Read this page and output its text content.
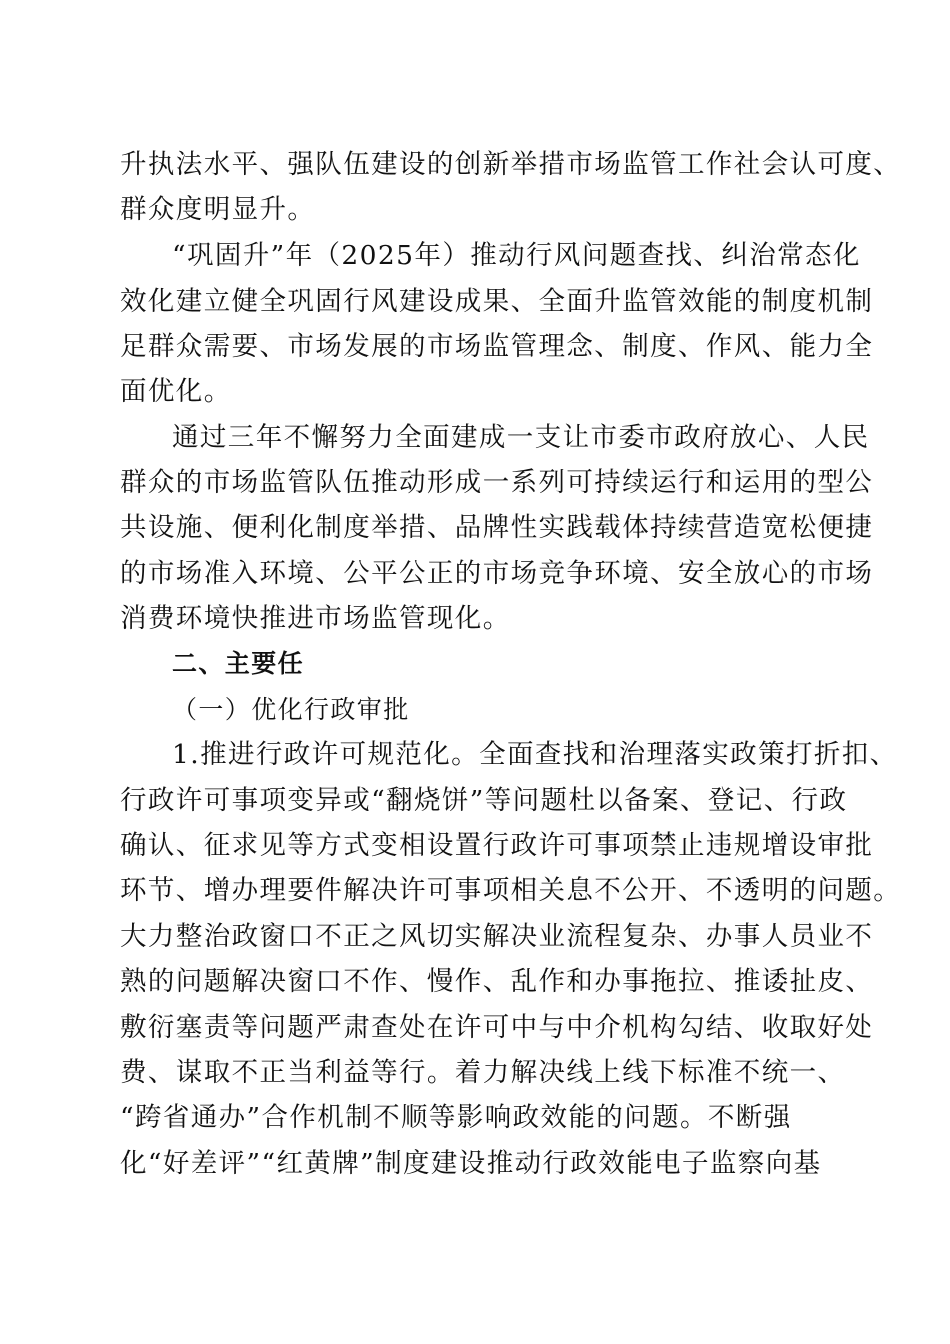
升执法水平、强队伍建设的创新举措市场监管工作社会认可度、
群众度明显升。
“巩固升”年（2025年）推动行风问题查找、纠治常态化
效化建立健全巩固行风建设成果、全面升监管效能的制度机制
足群众需要、市场发展的市场监管理念、制度、作风、能力全
面优化。
通过三年不懈努力全面建成一支让市委市政府放心、人民
群众的市场监管队伍推动形成一系列可持续运行和运用的型公
共设施、便利化制度举措、品牌性实践载体持续营造宽松便捷
的市场准入环境、公平公正的市场竞争环境、安全放心的市场
消费环境快推进市场监管现化。
二、主要任
（一）优化行政审批
1.推进行政许可规范化。全面查找和治理落实政策打折扣、
行政许可事项变异或“翻烧饼”等问题杜以备案、登记、行政
确认、征求见等方式变相设置行政许可事项禁止违规增设审批
环节、增办理要件解决许可事项相关息不公开、不透明的问题。
大力整治政窗口不正之风切实解决业流程复杂、办事人员业不
熟的问题解决窗口不作、慢作、乱作和办事拖拉、推诿扯皮、
敷衍塞责等问题严肃查处在许可中与中介机构勾结、收取好处
费、谋取不正当利益等行。着力解决线上线下标准不统一、
“跨省通办”合作机制不顺等影响政效能的问题。不断强
化“好差评”“红黄牌”制度建设推动行政效能电子监察向基
